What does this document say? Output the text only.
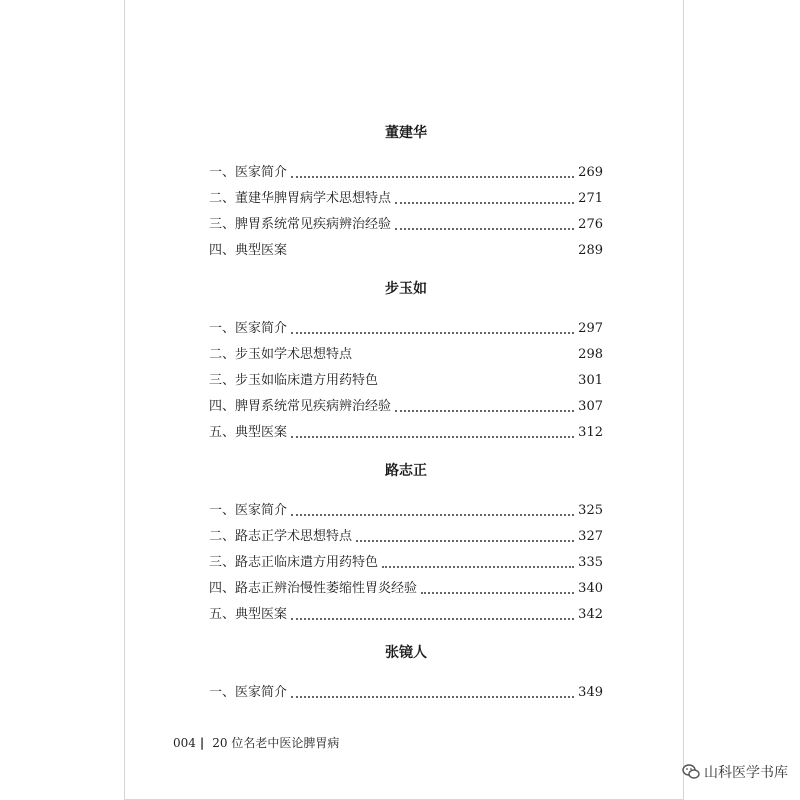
董建华
一、医家简介	269
二、董建华脾胃病学术思想特点	271
三、脾胃系统常见疾病辨治经验	276
四、典型医案	289
步玉如
一、医家简介	297
二、步玉如学术思想特点	298
三、步玉如临床遣方用药特色	301
四、脾胃系统常见疾病辨治经验	307
五、典型医案	312
路志正
一、医家简介	325
二、路志正学术思想特点	327
三、路志正临床遣方用药特色	335
四、路志正辨治慢性萎缩性胃炎经验	340
五、典型医案	342
张镜人
一、医家简介	349
004 | 20 位名老中医论脾胃病
山科医学书库
